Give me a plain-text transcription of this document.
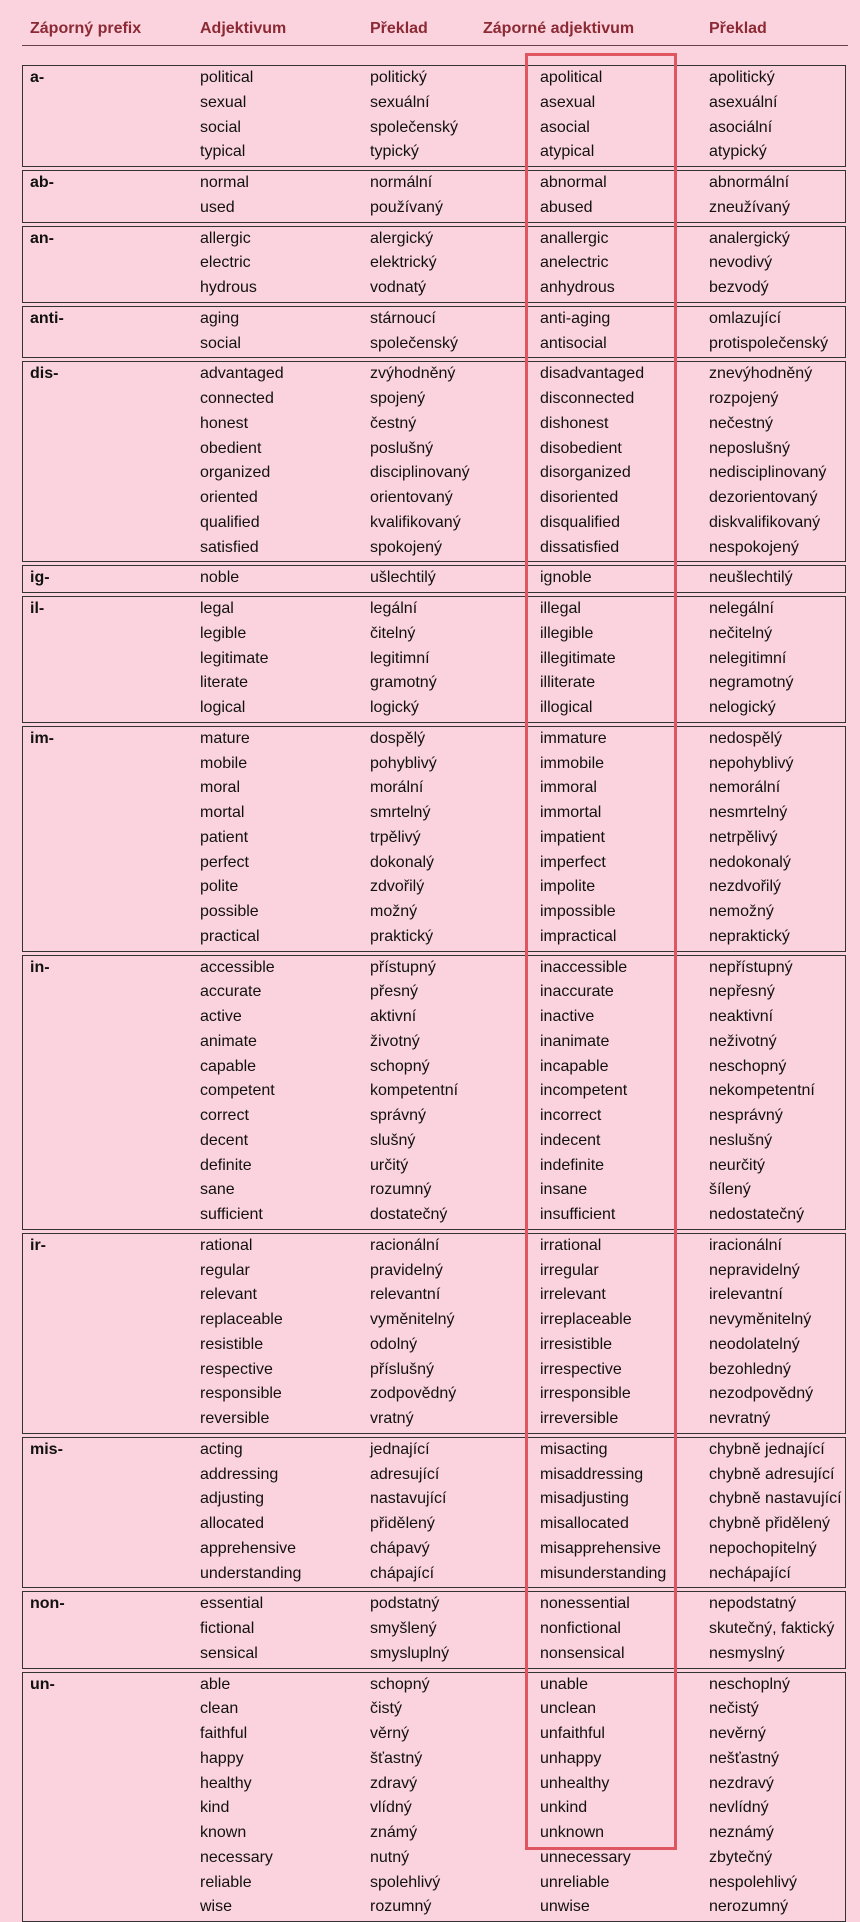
Záporný prefix	Adjektivum	Překlad	Záporné adjektivum	Překlad
a-	political	politický	apolitical	apolitický
sexual	sexuální	asexual	asexuální
social	společenský	asocial	asociální
typical	typický	atypical	atypický
ab-	normal	normální	abnormal	abnormální
used	používaný	abused	zneužívaný
an-	allergic	alergický	anallergic	analergický
electric	elektrický	anelectric	nevodivý
hydrous	vodnatý	anhydrous	bezvodý
anti-	aging	stárnoucí	anti-aging	omlazující
social	společenský	antisocial	protispolečenský
dis-	advantaged	zvýhodněný	disadvantaged	znevýhodněný
connected	spojený	disconnected	rozpojený
honest	čestný	dishonest	nečestný
obedient	poslušný	disobedient	neposlušný
organized	disciplinovaný	disorganized	nedisciplinovaný
oriented	orientovaný	disoriented	dezorientovaný
qualified	kvalifikovaný	disqualified	diskvalifikovaný
satisfied	spokojený	dissatisfied	nespokojený
ig-	noble	ušlechtilý	ignoble	neušlechtilý
il-	legal	legální	illegal	nelegální
legible	čitelný	illegible	nečitelný
legitimate	legitimní	illegitimate	nelegitimní
literate	gramotný	illiterate	negramotný
logical	logický	illogical	nelogický
im-	mature	dospělý	immature	nedospělý
mobile	pohyblivý	immobile	nepohyblivý
moral	morální	immoral	nemorální
mortal	smrtelný	immortal	nesmrtelný
patient	trpělivý	impatient	netrpělivý
perfect	dokonalý	imperfect	nedokonalý
polite	zdvořilý	impolite	nezdvořilý
possible	možný	impossible	nemožný
practical	praktický	impractical	nepraktický
in-	accessible	přístupný	inaccessible	nepřístupný
accurate	přesný	inaccurate	nepřesný
active	aktivní	inactive	neaktivní
animate	životný	inanimate	neživotný
capable	schopný	incapable	neschopný
competent	kompetentní	incompetent	nekompetentní
correct	správný	incorrect	nesprávný
decent	slušný	indecent	neslušný
definite	určitý	indefinite	neurčitý
sane	rozumný	insane	šílený
sufficient	dostatečný	insufficient	nedostatečný
ir-	rational	racionální	irrational	iracionální
regular	pravidelný	irregular	nepravidelný
relevant	relevantní	irrelevant	irelevantní
replaceable	vyměnitelný	irreplaceable	nevyměnitelný
resistible	odolný	irresistible	neodolatelný
respective	příslušný	irrespective	bezohledný
responsible	zodpovědný	irresponsible	nezodpovědný
reversible	vratný	irreversible	nevratný
mis-	acting	jednající	misacting	chybně jednající
addressing	adresující	misaddressing	chybně adresující
adjusting	nastavující	misadjusting	chybně nastavující
allocated	přidělený	misallocated	chybně přidělený
apprehensive	chápavý	misapprehensive	nepochopitelný
understanding	chápající	misunderstanding	nechápající
non-	essential	podstatný	nonessential	nepodstatný
fictional	smyšlený	nonfictional	skutečný, faktický
sensical	smysluplný	nonsensical	nesmyslný
un-	able	schopný	unable	neschoplný
clean	čistý	unclean	nečistý
faithful	věrný	unfaithful	nevěrný
happy	šťastný	unhappy	nešťastný
healthy	zdravý	unhealthy	nezdravý
kind	vlídný	unkind	nevlídný
known	známý	unknown	neznámý
necessary	nutný	unnecessary	zbytečný
reliable	spolehlivý	unreliable	nespolehlivý
wise	rozumný	unwise	nerozumný
